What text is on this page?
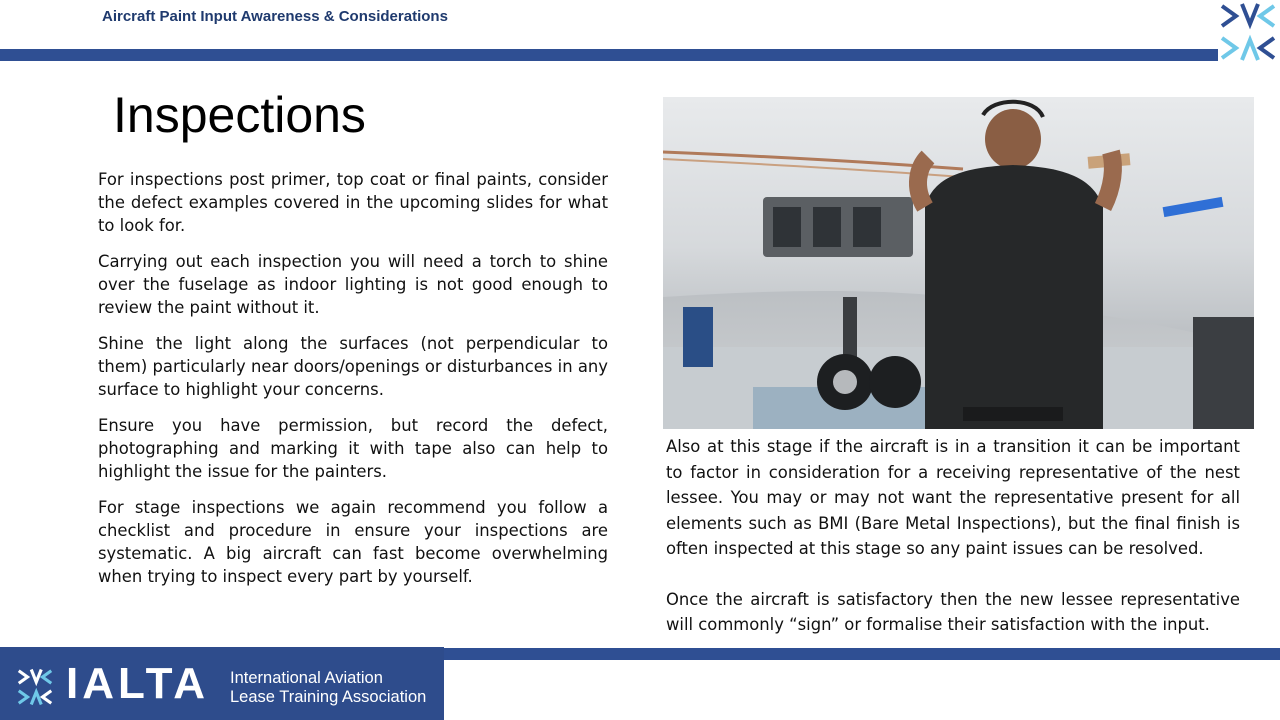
Aircraft Paint Input Awareness & Considerations
Inspections

For inspections post primer, top coat or final paints, consider the defect examples covered in the upcoming slides for what to look for.

Carrying out each inspection you will need a torch to shine over the fuselage as indoor lighting is not good enough to review the paint without it.

Shine the light along the surfaces (not perpendicular to them) particularly near doors/openings or disturbances in any surface to highlight your concerns.

Ensure you have permission, but record the defect, photographing and marking it with tape also can help to highlight the issue for the painters.

For stage inspections we again recommend you follow a checklist and procedure in ensure your inspections are systematic. A big aircraft can fast become overwhelming when trying to inspect every part by yourself.

Also at this stage if the aircraft is in a transition it can be important to factor in consideration for a receiving representative of the nest lessee. You may or may not want the representative present for all elements such as BMI (Bare Metal Inspections), but the final finish is often inspected at this stage so any paint issues can be resolved.

Once the aircraft is satisfactory then the new lessee representative will commonly “sign” or formalise their satisfaction with the input.

IALTA International Aviation
Lease Training Association
